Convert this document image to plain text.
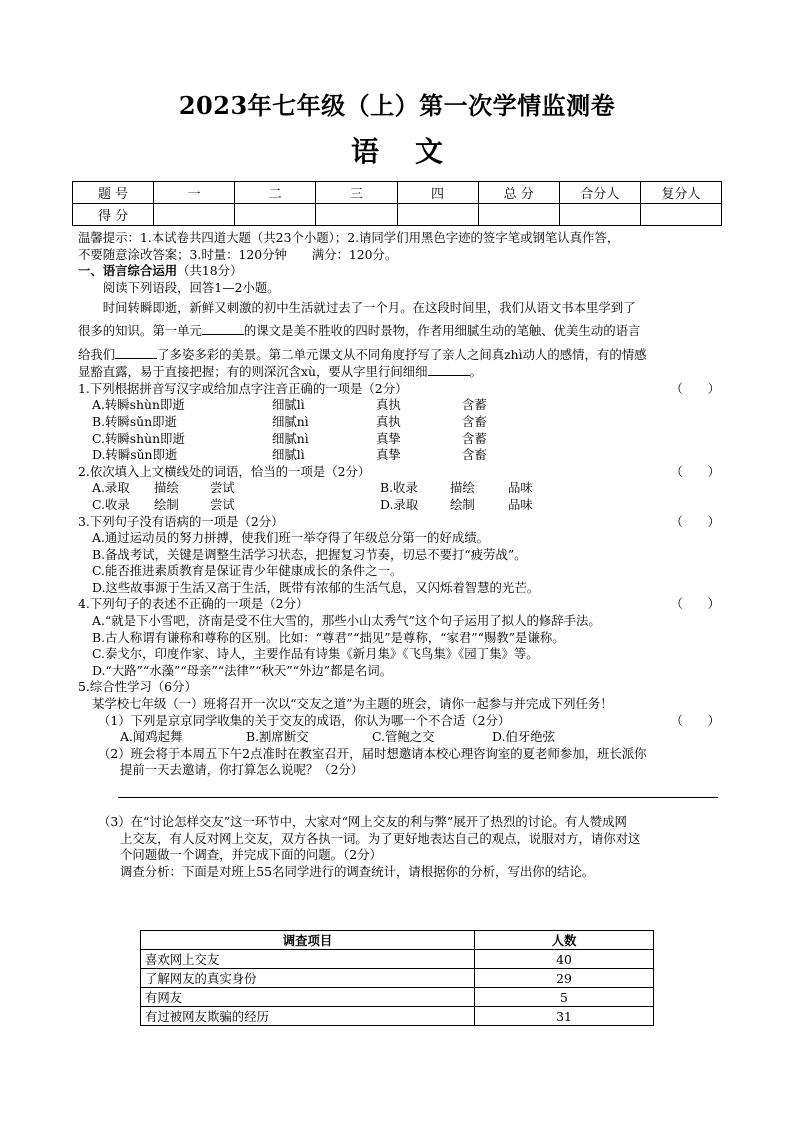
2023年七年级（上）第一次学情监测卷
语文
题 号	一	二	三	四	总 分	合分人	复分人
得 分							

温馨提示：1.本试卷共四道大题（共23个小题）；2.请同学们用黑色字迹的签字笔或钢笔认真作答，

不要随意涂改答案；3.时量：120分钟　　满分：120分。

一、语言综合运用（共18分）

阅读下列语段，回答1—2小题。

时间转瞬即逝，新鲜又刺激的初中生活就过去了一个月。在这段时间里，我们从语文书本里学到了

很多的知识。第一单元	的课文是美不胜收的四时景物，作者用细腻生动的笔触、优美生动的语言

给我们	了多姿多彩的美景。第二单元课文从不同角度抒写了亲人之间真zhì动人的感情，有的情感

显豁直露，易于直接把握；有的则深沉含xù，要从字里行间细细	。

1.下列根据拼音写汉字或给加点字注音正确的一项是（2分）	（　　）
A.转瞬shùn即逝	细腻lì	真执	含蓄
B.转瞬sǔn即逝	细腻nì	真执	含畜
C.转瞬shùn即逝	细腻nì	真挚	含蓄
D.转瞬sǔn即逝	细腻lì	真挚	含畜
2.依次填入上文横线处的词语，恰当的一项是（2分）	（　　）
A.录取	描绘	尝试	B.收录	描绘	品味
C.收录	绘制	尝试	D.录取	绘制	品味
3.下列句子没有语病的一项是（2分）	（　　）

A.通过运动员的努力拼搏，使我们班一举夺得了年级总分第一的好成绩。

B.备战考试，关键是调整生活学习状态，把握复习节奏，切忌不要打“疲劳战”。

C.能否推进素质教育是保证青少年健康成长的条件之一。

D.这些故事源于生活又高于生活，既带有浓郁的生活气息，又闪烁着智慧的光芒。

4.下列句子的表述不正确的一项是（2分）	（　　）

A.“就是下小雪吧，济南是受不住大雪的，那些小山太秀气”这个句子运用了拟人的修辞手法。

B.古人称谓有谦称和尊称的区别。比如：“尊君”“拙见”是尊称，“家君”“赐教”是谦称。

C.泰戈尔，印度作家、诗人，主要作品有诗集《新月集》《飞鸟集》《园丁集》等。

D.“大路”“水藻”“母亲”“法律”“秋天”“外边”都是名词。

5.综合性学习（6分）

某学校七年级（一）班将召开一次以“交友之道”为主题的班会，请你一起参与并完成下列任务！

（1）下列是京京同学收集的关于交友的成语，你认为哪一个不合适（2分）	（　　）
A.闻鸡起舞	B.割席断交	C.管鲍之交	D.伯牙绝弦

（2）班会将于本周五下午2点准时在教室召开，届时想邀请本校心理咨询室的夏老师参加，班长派你

提前一天去邀请，你打算怎么说呢？（2分）

（3）在“讨论怎样交友”这一环节中，大家对“网上交友的利与弊”展开了热烈的讨论。有人赞成网

上交友，有人反对网上交友，双方各执一词。为了更好地表达自己的观点，说服对方，请你对这

个问题做一个调查，并完成下面的问题。（2分）

调查分析：下面是对班上55名同学进行的调查统计，请根据你的分析，写出你的结论。

调查项目	人数
喜欢网上交友	40
了解网友的真实身份	29
有网友	5
有过被网友欺骗的经历	31
